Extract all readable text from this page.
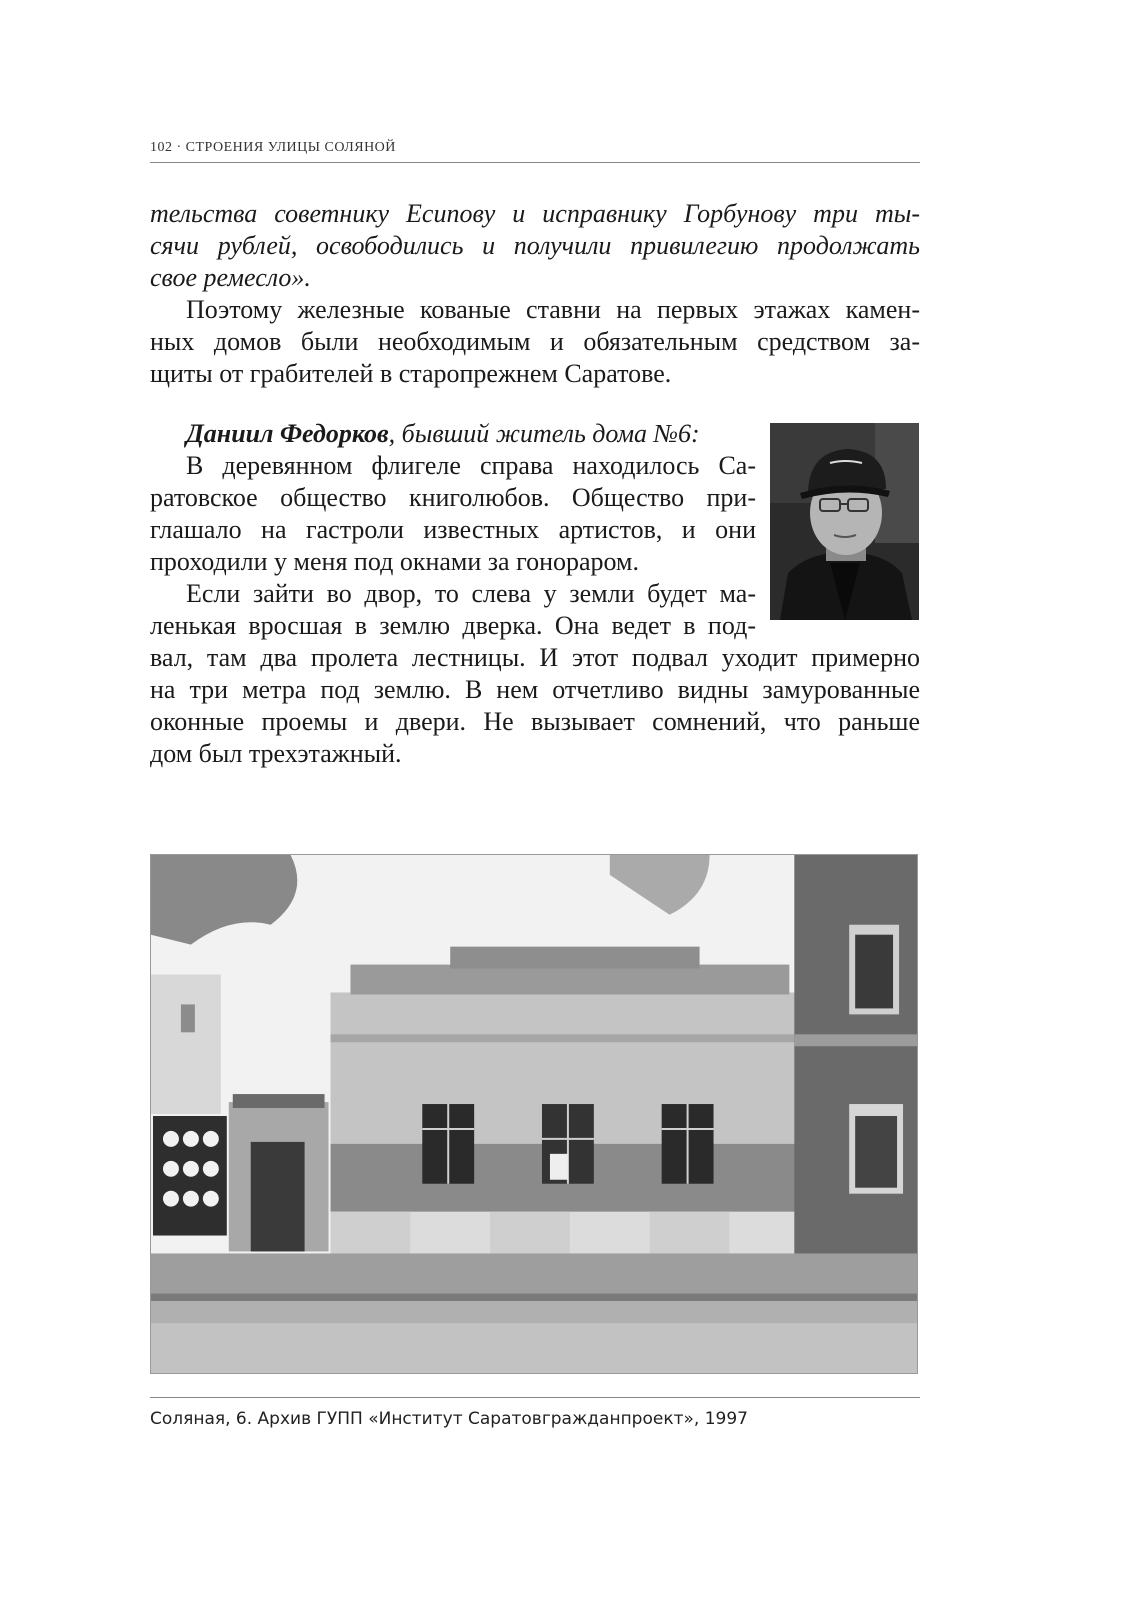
102 · СТРОЕНИЯ УЛИЦЫ СОЛЯНОЙ
тельства советнику Есипову и исправнику Горбунову три ты-
сячи рублей, освободились и получили привилегию продолжать
свое ремесло».
Поэтому железные кованые ставни на первых этажах камен-
ных домов были необходимым и обязательным средством за-
щиты от грабителей в старопрежнем Саратове.
Даниил Федорков, бывший житель дома №6:
В деревянном флигеле справа находилось Са-
ратовское общество книголюбов. Общество при-
глашало на гастроли известных артистов, и они
проходили у меня под окнами за гонораром.
Если зайти во двор, то слева у земли будет ма-
ленькая вросшая в землю дверка. Она ведет в под-
вал, там два пролета лестницы. И этот подвал уходит примерно
на три метра под землю. В нем отчетливо видны замурованные
оконные проемы и двери. Не вызывает сомнений, что раньше
дом был трехэтажный.
Соляная, 6. Архив ГУПП «Институт Саратовгражданпроект», 1997
